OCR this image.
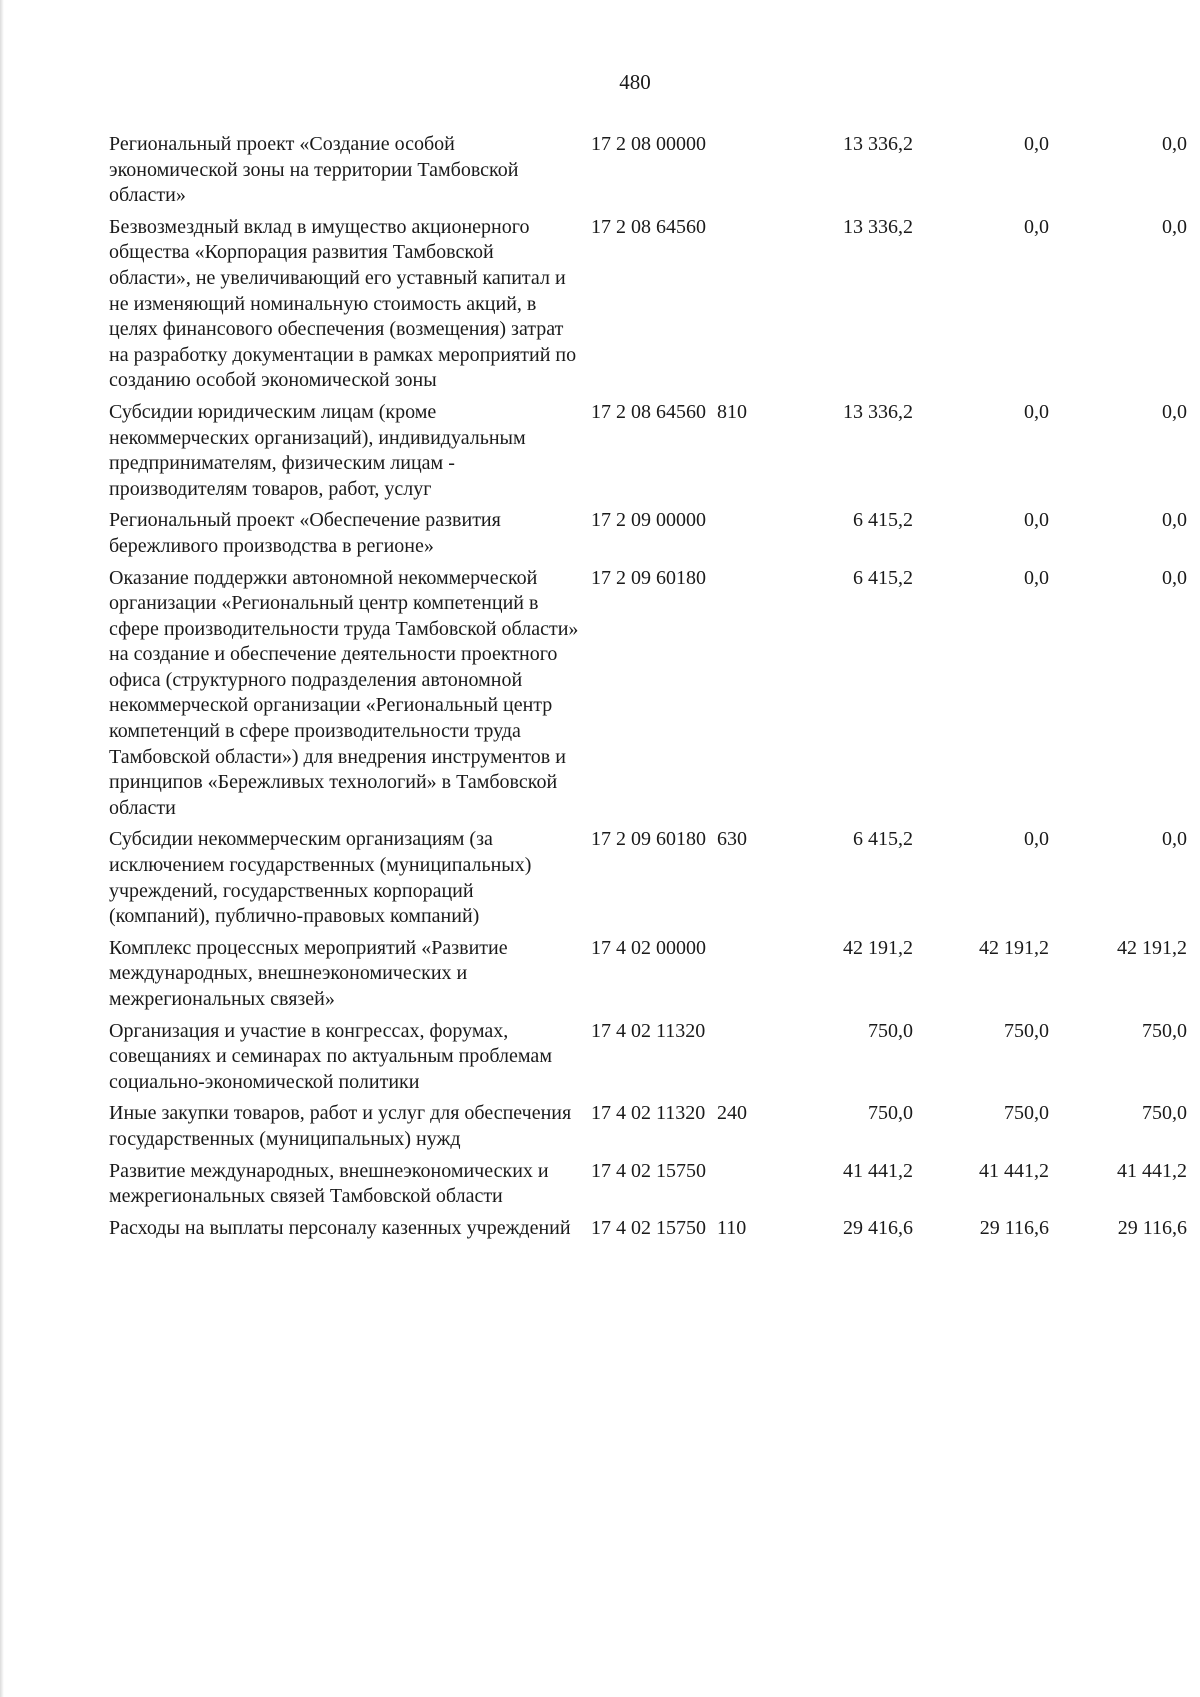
480
Региональный проект «Создание особой экономической зоны на территории Тамбовской области»
17 2 08 00000	13 336,2	0,0	0,0
Безвозмездный вклад в имущество акционерного общества «Корпорация развития Тамбовской области», не увеличивающий его уставный капитал и не изменяющий номинальную стоимость акций, в целях финансового обеспечения (возмещения) затрат на разработку документации в рамках мероприятий по созданию особой экономической зоны
17 2 08 64560	13 336,2	0,0	0,0
Субсидии юридическим лицам (кроме некоммерческих организаций), индивидуальным предпринимателям, физическим лицам - производителям товаров, работ, услуг
17 2 08 64560 810	13 336,2	0,0	0,0
Региональный проект «Обеспечение развития бережливого производства в регионе»
17 2 09 00000	6 415,2	0,0	0,0
Оказание поддержки автономной некоммерческой организации «Региональный центр компетенций в сфере производительности труда Тамбовской области» на создание и обеспечение деятельности проектного офиса (структурного подразделения автономной некоммерческой организации «Региональный центр компетенций в сфере производительности труда Тамбовской области») для внедрения инструментов и принципов «Бережливых технологий» в Тамбовской области
17 2 09 60180	6 415,2	0,0	0,0
Субсидии некоммерческим организациям (за исключением государственных (муниципальных) учреждений, государственных корпораций (компаний), публично-правовых компаний)
17 2 09 60180 630	6 415,2	0,0	0,0
Комплекс процессных мероприятий «Развитие международных, внешнеэкономических и межрегиональных связей»
17 4 02 00000	42 191,2	42 191,2	42 191,2
Организация и участие в конгрессах, форумах, совещаниях и семинарах по актуальным проблемам социально-экономической политики
17 4 02 11320	750,0	750,0	750,0
Иные закупки товаров, работ и услуг для обеспечения государственных (муниципальных) нужд
17 4 02 11320 240	750,0	750,0	750,0
Развитие международных, внешнеэкономических и межрегиональных связей Тамбовской области
17 4 02 15750	41 441,2	41 441,2	41 441,2
Расходы на выплаты персоналу казенных учреждений	17 4 02 15750 110	29 416,6	29 116,6	29 116,6
